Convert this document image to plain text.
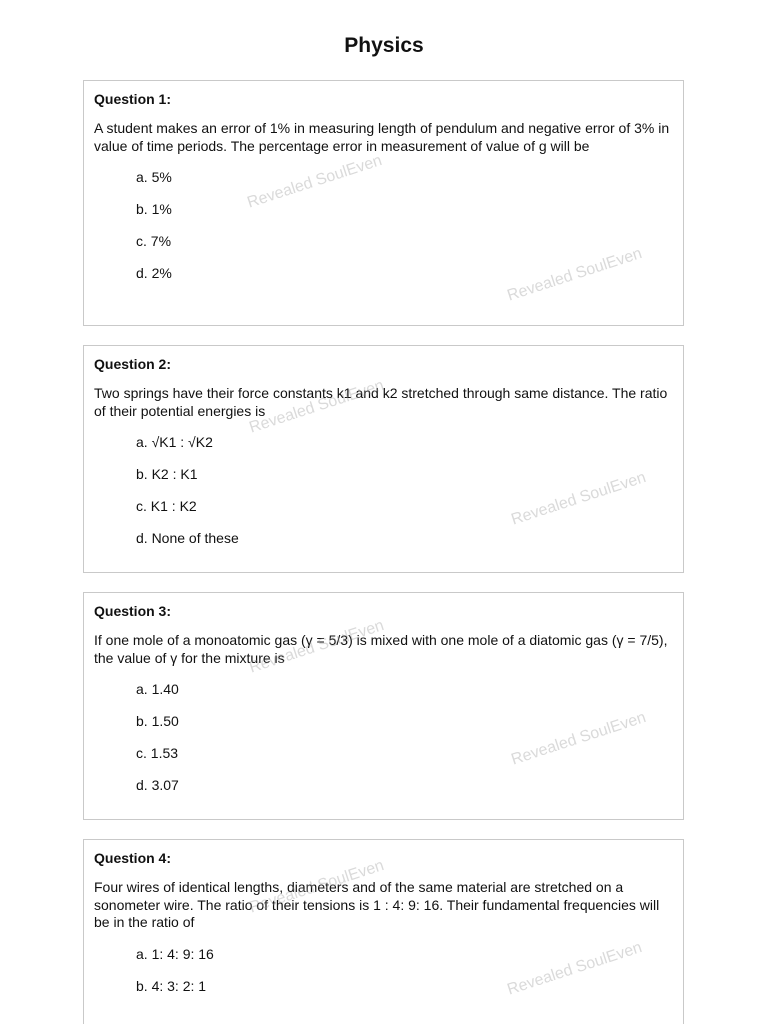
Physics
Question 1:
A student makes an error of 1% in measuring length of pendulum and negative error of 3% in value of time periods. The percentage error in measurement of value of g will be
a. 5%
b. 1%
c. 7%
d. 2%
Question 2:
Two springs have their force constants k1 and k2 stretched through same distance. The ratio of their potential energies is
a. √K1 : √K2
b. K2 : K1
c. K1 : K2
d. None of these
Question 3:
If one mole of a monoatomic gas (γ = 5/3) is mixed with one mole of a diatomic gas (γ = 7/5), the value of γ for the mixture is
a. 1.40
b. 1.50
c. 1.53
d. 3.07
Question 4:
Four wires of identical lengths, diameters and of the same material are stretched on a sonometer wire. The ratio of their tensions is 1 : 4: 9: 16. Their fundamental frequencies will be in the ratio of
a. 1: 4: 9: 16
b. 4: 3: 2: 1
Revealed SoulEven
Revealed SoulEven
Revealed SoulEven
Revealed SoulEven
Revealed SoulEven
Revealed SoulEven
Revealed SoulEven
Revealed SoulEven
